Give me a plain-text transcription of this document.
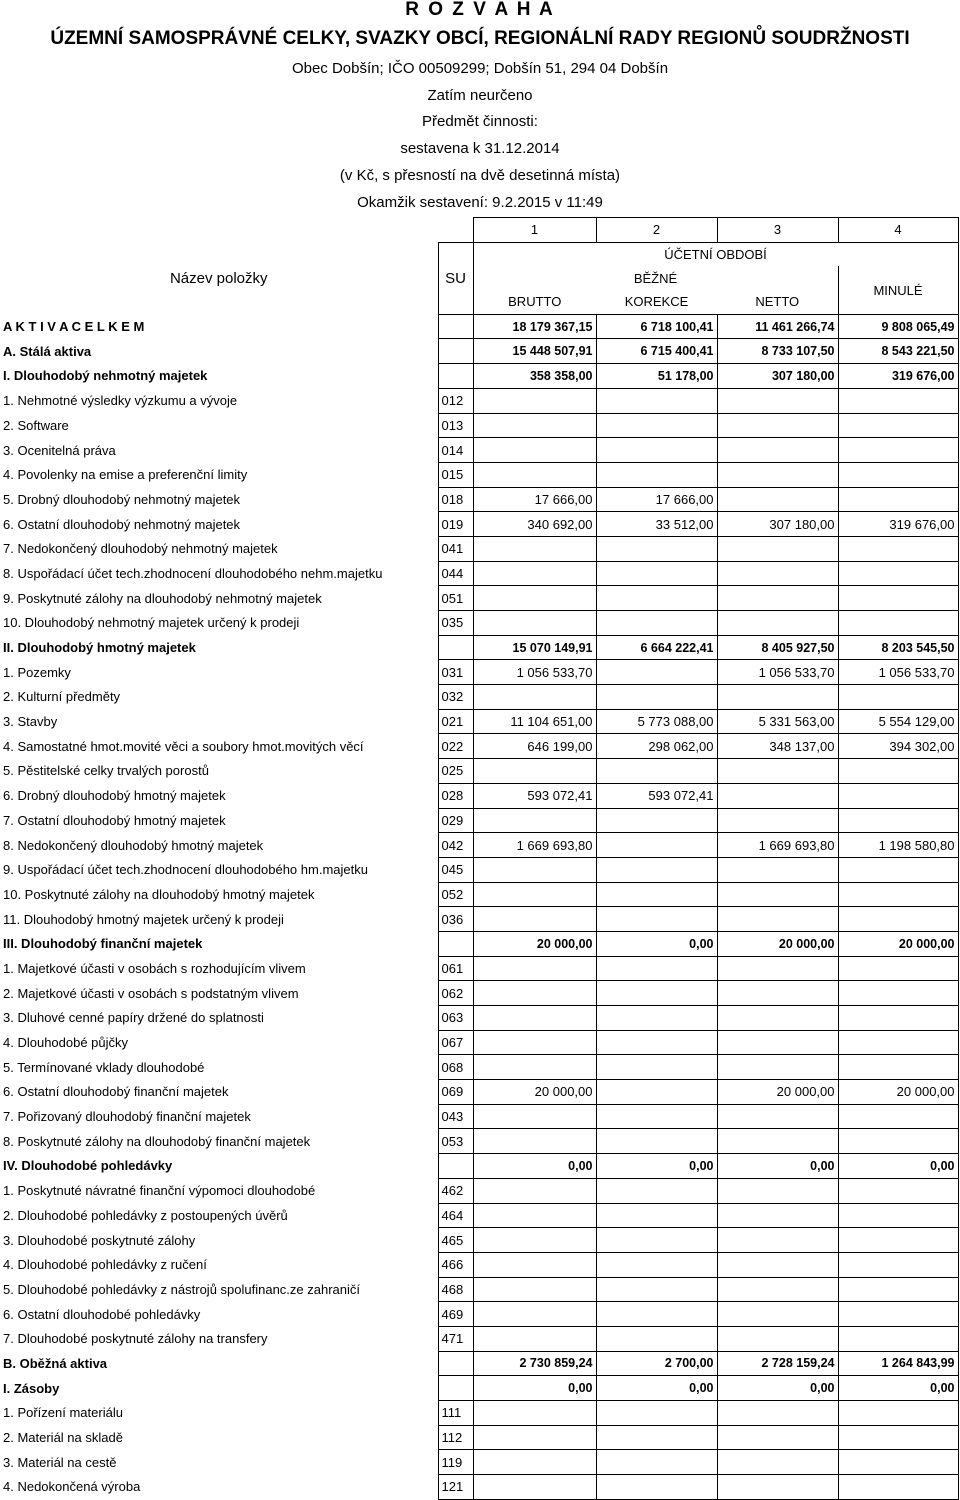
R O Z V A H A
ÚZEMNÍ SAMOSPRÁVNÉ CELKY, SVAZKY OBCÍ, REGIONÁLNÍ RADY REGIONŮ SOUDRŽNOSTI
Obec Dobšín; IČO 00509299; Dobšín 51, 294 04 Dobšín
Zatím neurčeno
Předmět činnosti:
sestavena k 31.12.2014
(v Kč, s přesností na dvě desetinná místa)
Okamžik sestavení: 9.2.2015 v 11:49
		1	2	3	4
Název položky	SU	ÚČETNÍ OBDOBÍ			
		BĚŽNÉ			MINULÉ
		BRUTTO	KOREKCE	NETTO	
A K T I V A C E L K E M		18 179 367,15	6 718 100,41	11 461 266,74	9 808 065,49
A. Stálá aktiva		15 448 507,91	6 715 400,41	8 733 107,50	8 543 221,50
I. Dlouhodobý nehmotný majetek		358 358,00	51 178,00	307 180,00	319 676,00
1. Nehmotné výsledky výzkumu a vývoje	012				
2. Software	013				
3. Ocenitelná práva	014				
4. Povolenky na emise a preferenční limity	015				
5. Drobný dlouhodobý nehmotný majetek	018	17 666,00	17 666,00		
6. Ostatní dlouhodobý nehmotný majetek	019	340 692,00	33 512,00	307 180,00	319 676,00
7. Nedokončený dlouhodobý nehmotný majetek	041				
8. Uspořádací účet tech.zhodnocení dlouhodobého nehm.majetku	044				
9. Poskytnuté zálohy na dlouhodobý nehmotný majetek	051				
10. Dlouhodobý nehmotný majetek určený k prodeji	035				
II. Dlouhodobý hmotný majetek		15 070 149,91	6 664 222,41	8 405 927,50	8 203 545,50
1. Pozemky	031	1 056 533,70		1 056 533,70	1 056 533,70
2. Kulturní předměty	032				
3. Stavby	021	11 104 651,00	5 773 088,00	5 331 563,00	5 554 129,00
4. Samostatné hmot.movité věci a soubory hmot.movitých věcí	022	646 199,00	298 062,00	348 137,00	394 302,00
5. Pěstitelské celky trvalých porostů	025				
6. Drobný dlouhodobý hmotný majetek	028	593 072,41	593 072,41		
7. Ostatní dlouhodobý hmotný majetek	029				
8. Nedokončený dlouhodobý hmotný majetek	042	1 669 693,80		1 669 693,80	1 198 580,80
9. Uspořádací účet tech.zhodnocení dlouhodobého hm.majetku	045				
10. Poskytnuté zálohy na dlouhodobý hmotný majetek	052				
11. Dlouhodobý hmotný majetek určený k prodeji	036				
III. Dlouhodobý finanční majetek		20 000,00	0,00	20 000,00	20 000,00
1. Majetkové účasti v osobách s rozhodujícím vlivem	061				
2. Majetkové účasti v osobách s podstatným vlivem	062				
3. Dluhové cenné papíry držené do splatnosti	063				
4. Dlouhodobé půjčky	067				
5. Termínované vklady dlouhodobé	068				
6. Ostatní dlouhodobý finanční majetek	069	20 000,00		20 000,00	20 000,00
7. Pořizovaný dlouhodobý finanční majetek	043				
8. Poskytnuté zálohy na dlouhodobý finanční majetek	053				
IV. Dlouhodobé pohledávky		0,00	0,00	0,00	0,00
1. Poskytnuté návratné finanční výpomoci dlouhodobé	462				
2. Dlouhodobé pohledávky z postoupených úvěrů	464				
3. Dlouhodobé poskytnuté zálohy	465				
4. Dlouhodobé pohledávky z ručení	466				
5. Dlouhodobé pohledávky z nástrojů spolufinanc.ze zahraničí	468				
6. Ostatní dlouhodobé pohledávky	469				
7. Dlouhodobé poskytnuté zálohy na transfery	471				
B. Oběžná aktiva		2 730 859,24	2 700,00	2 728 159,24	1 264 843,99
I. Zásoby		0,00	0,00	0,00	0,00
1. Pořízení materiálu	111				
2. Materiál na skladě	112				
3. Materiál na cestě	119				
4. Nedokončená výroba	121				
